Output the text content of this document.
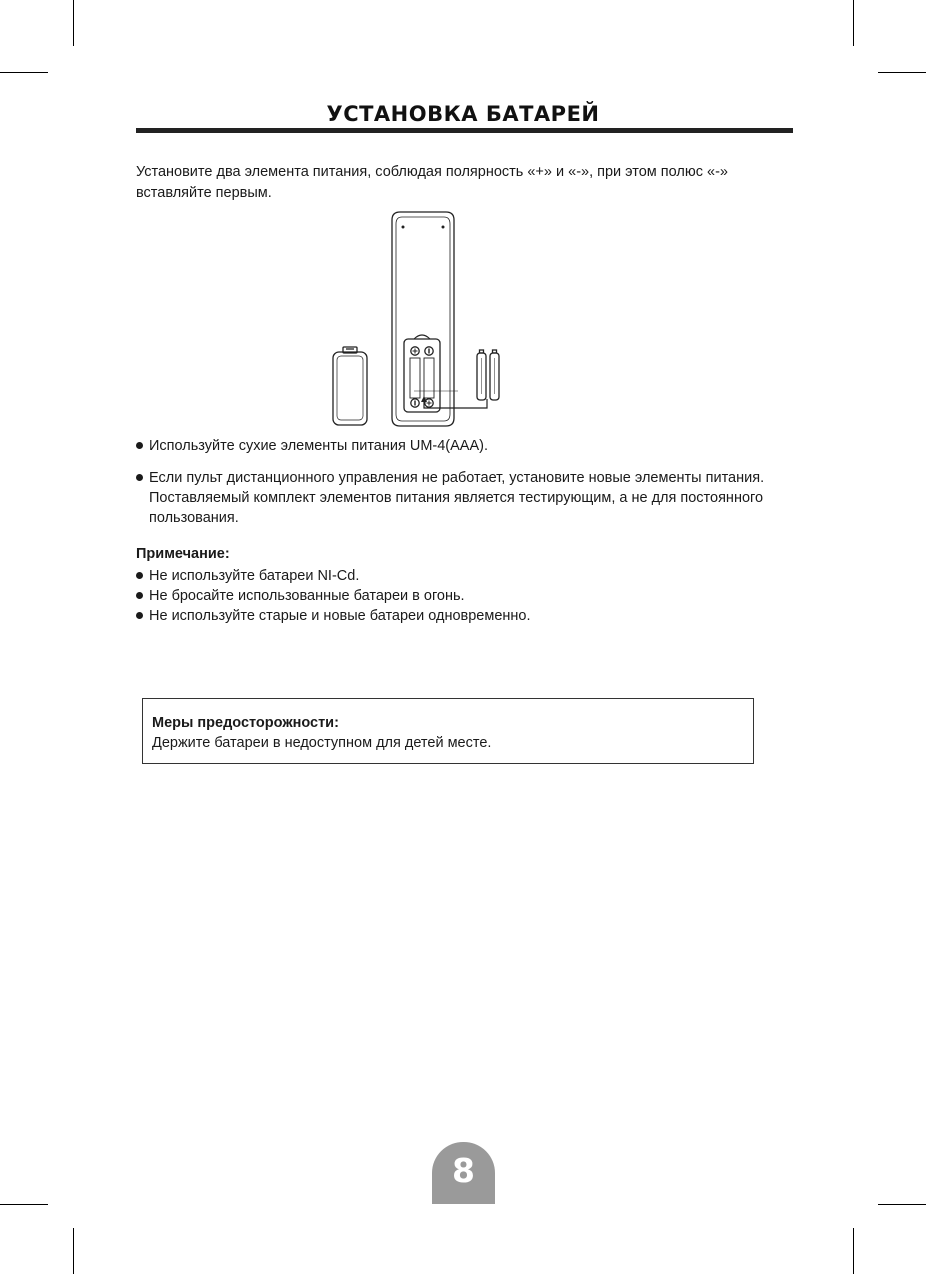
УСТАНОВКА БАТАРЕЙ
Установите два элемента питания, соблюдая полярность «+» и «-», при этом полюс «-» вставляйте первым.
Используйте сухие элементы питания UM-4(AAA).
Если пульт дистанционного управления не работает, установите новые элементы питания. Поставляемый комплект элементов питания является тестирующим, а не для постоянного пользования.
Примечание:
Не используйте батареи NI-Cd.
Не бросайте использованные батареи в огонь.
Не используйте старые и новые батареи одновременно.
Меры предосторожности:
Держите батареи в недоступном для детей месте.
8
